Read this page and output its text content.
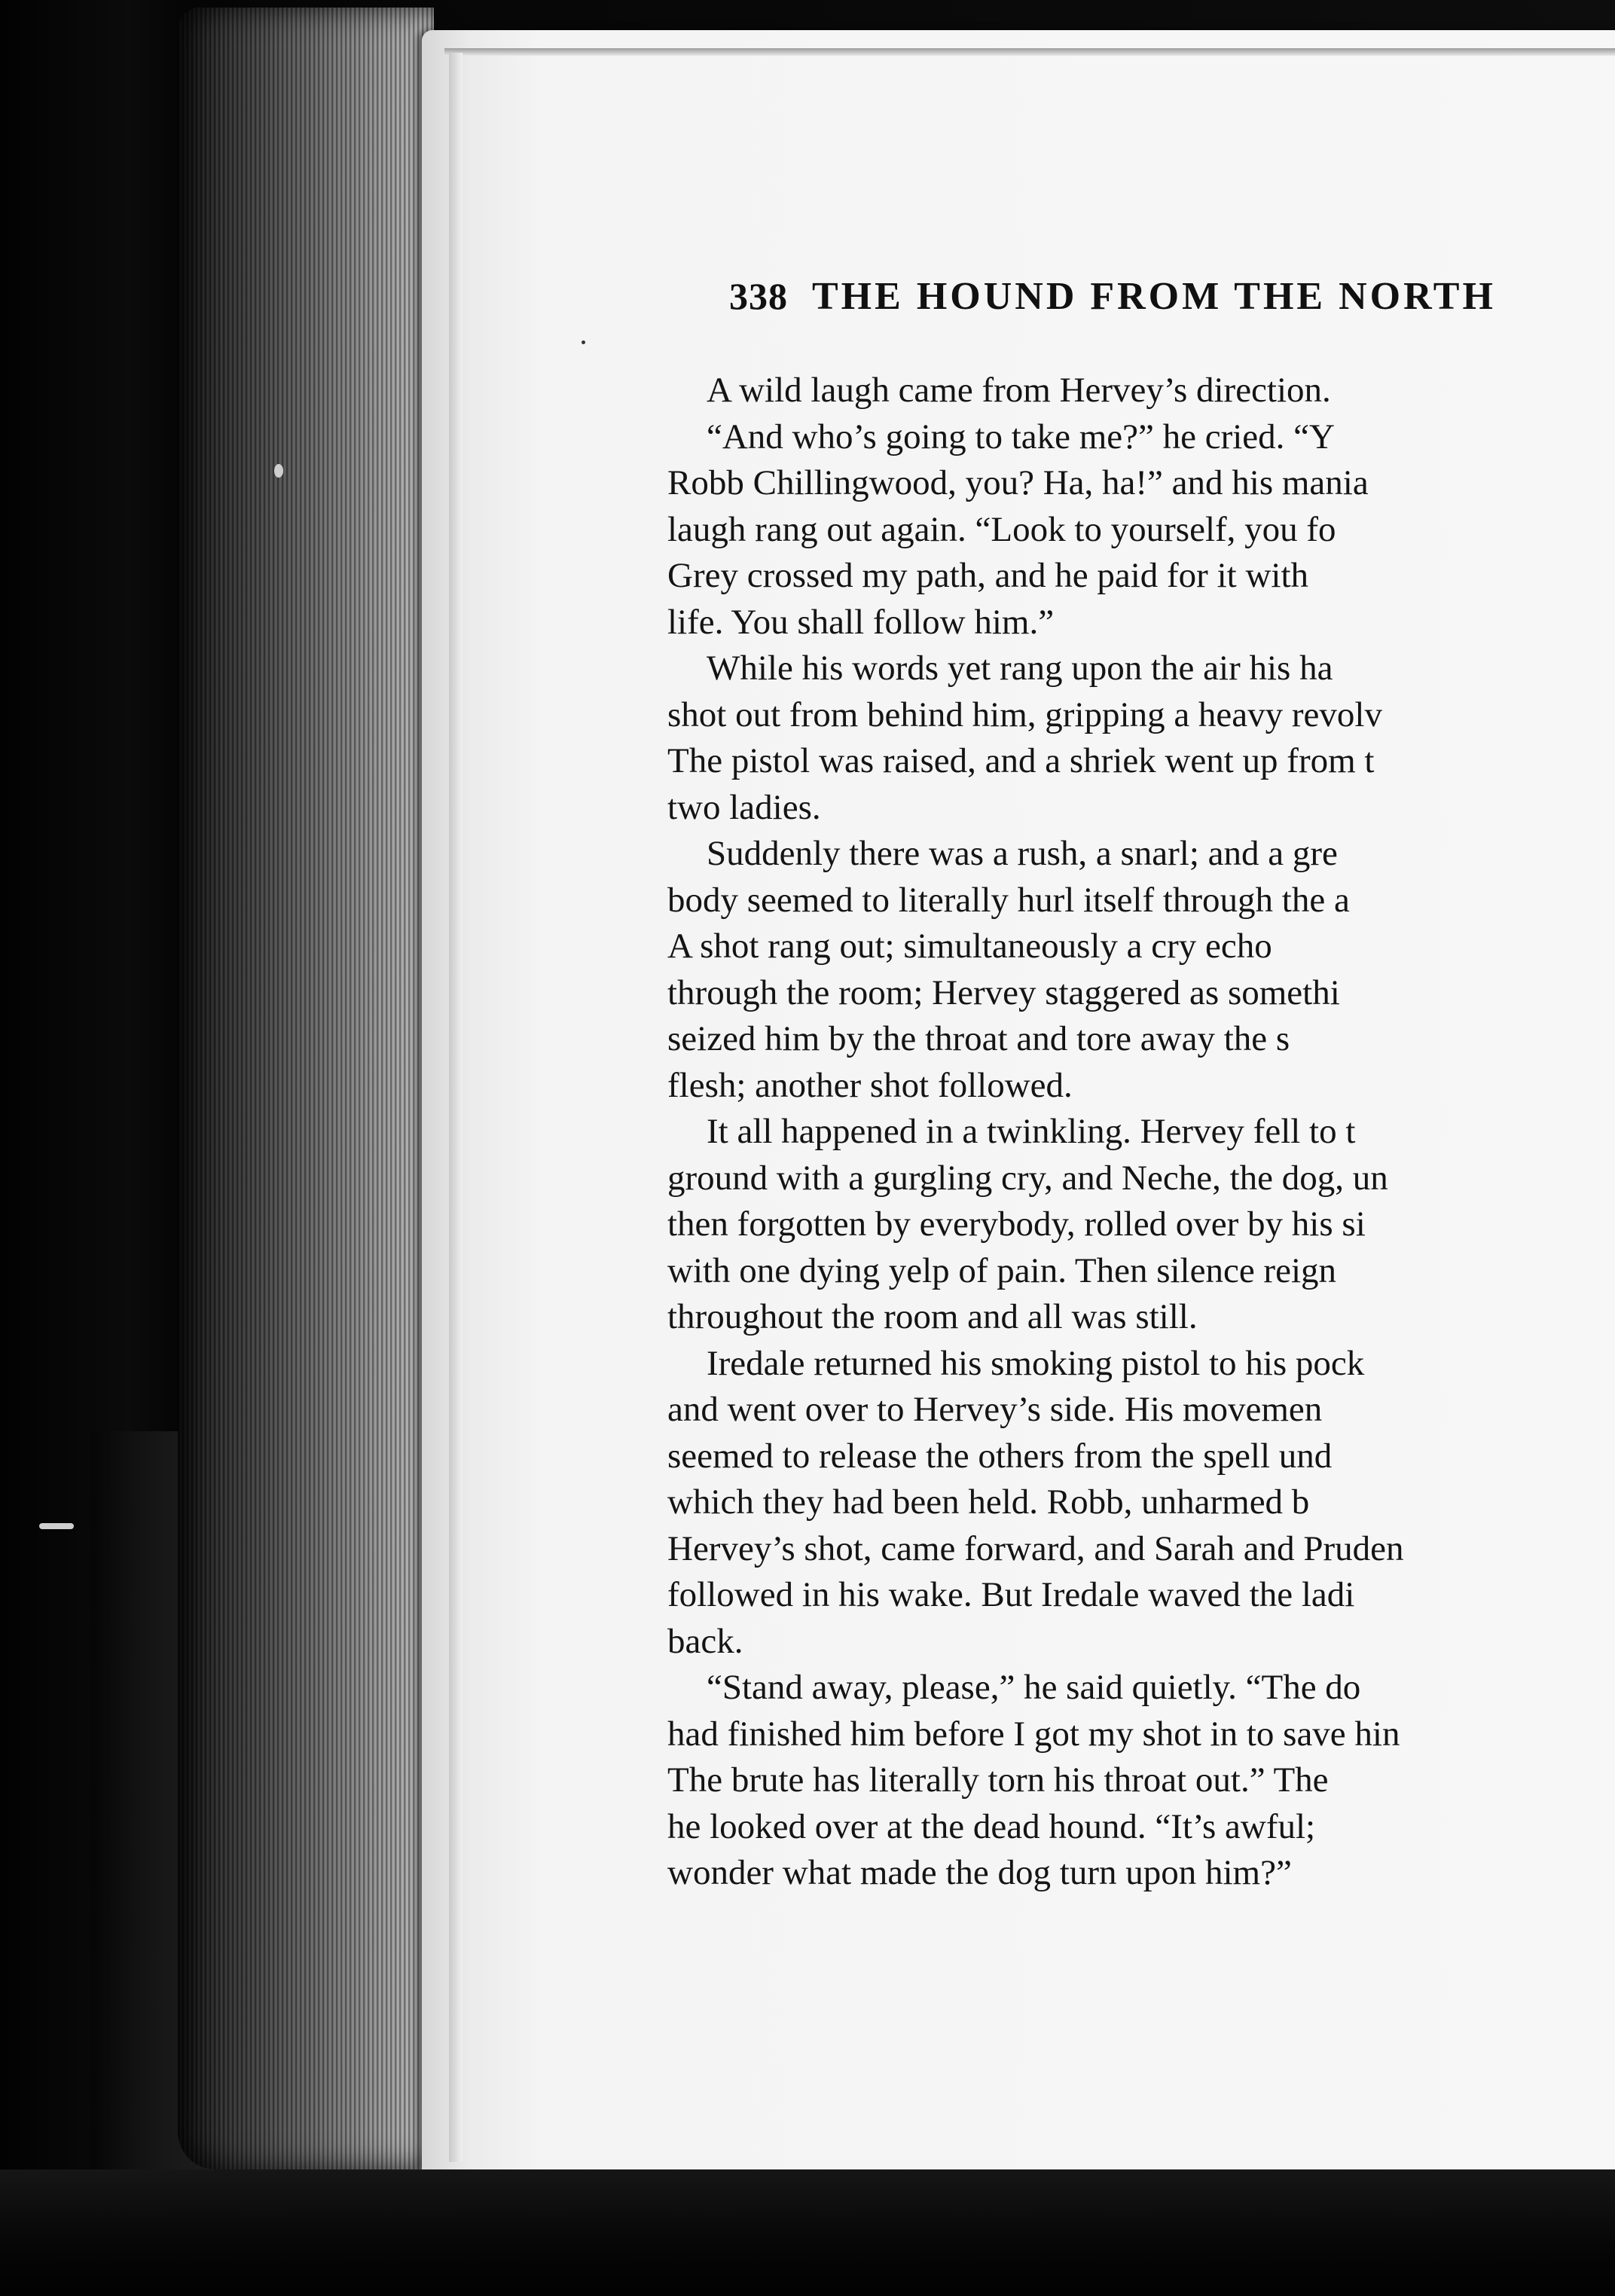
338 THE HOUND FROM THE NORTH
A wild laugh came from Hervey’s direction.
“And who’s going to take me?” he cried. “Y
Robb Chillingwood, you? Ha, ha!” and his mania
laugh rang out again. “Look to yourself, you fo
Grey crossed my path, and he paid for it with
life. You shall follow him.”
While his words yet rang upon the air his ha
shot out from behind him, gripping a heavy revolv
The pistol was raised, and a shriek went up from t
two ladies.
Suddenly there was a rush, a snarl; and a gre
body seemed to literally hurl itself through the a
A shot rang out; simultaneously a cry echo
through the room; Hervey staggered as somethi
seized him by the throat and tore away the s
flesh; another shot followed.
It all happened in a twinkling. Hervey fell to t
ground with a gurgling cry, and Neche, the dog, un
then forgotten by everybody, rolled over by his si
with one dying yelp of pain. Then silence reign
throughout the room and all was still.
Iredale returned his smoking pistol to his pock
and went over to Hervey’s side. His movemen
seemed to release the others from the spell und
which they had been held. Robb, unharmed b
Hervey’s shot, came forward, and Sarah and Pruden
followed in his wake. But Iredale waved the ladi
back.
“Stand away, please,” he said quietly. “The do
had finished him before I got my shot in to save hin
The brute has literally torn his throat out.” The
he looked over at the dead hound. “It’s awful;
wonder what made the dog turn upon him?”
